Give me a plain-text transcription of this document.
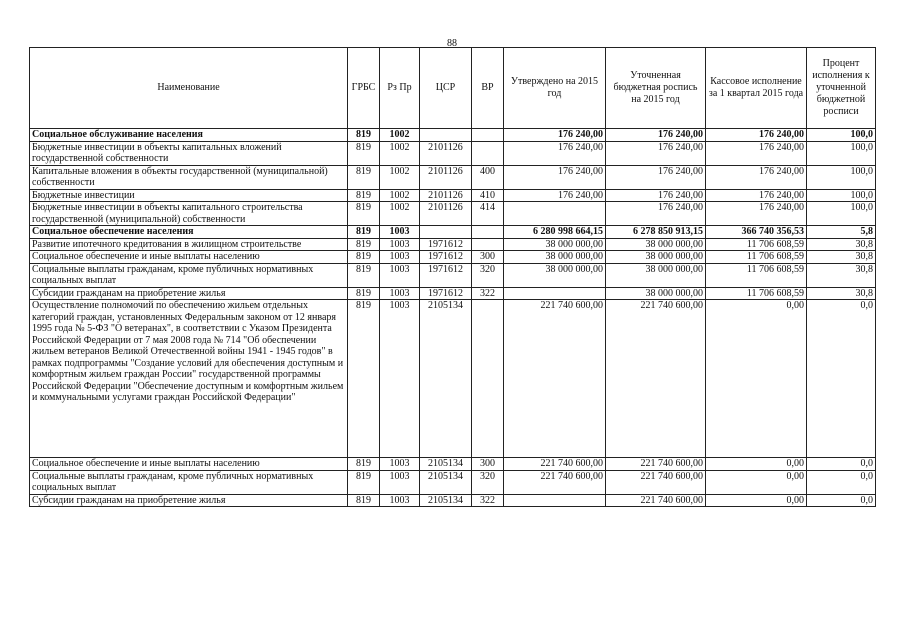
88
Наименование	ГРБС	Рз Пр	ЦСР	ВР	Утверждено на 2015 год	Уточненная бюджетная роспись на 2015 год	Кассовое исполнение за 1 квартал 2015 года	Процент исполнения к уточненной бюджетной росписи
Социальное обслуживание населения	819	1002			176 240,00	176 240,00	176 240,00	100,0
Бюджетные инвестиции в объекты капитальных вложений государственной собственности	819	1002	2101126		176 240,00	176 240,00	176 240,00	100,0
Капитальные вложения в объекты государственной (муниципальной) собственности	819	1002	2101126	400	176 240,00	176 240,00	176 240,00	100,0
Бюджетные инвестиции	819	1002	2101126	410	176 240,00	176 240,00	176 240,00	100,0
Бюджетные инвестиции в объекты капитального строительства государственной (муниципальной) собственности	819	1002	2101126	414		176 240,00	176 240,00	100,0
Социальное обеспечение населения	819	1003			6 280 998 664,15	6 278 850 913,15	366 740 356,53	5,8
Развитие ипотечного кредитования в жилищном строительстве	819	1003	1971612		38 000 000,00	38 000 000,00	11 706 608,59	30,8
Социальное обеспечение и иные выплаты населению	819	1003	1971612	300	38 000 000,00	38 000 000,00	11 706 608,59	30,8
Социальные выплаты гражданам, кроме публичных нормативных социальных выплат	819	1003	1971612	320	38 000 000,00	38 000 000,00	11 706 608,59	30,8
Субсидии гражданам на приобретение жилья	819	1003	1971612	322		38 000 000,00	11 706 608,59	30,8
Осуществление полномочий по обеспечению жильем отдельных категорий граждан, установленных Федеральным законом от 12 января 1995 года № 5-ФЗ "О ветеранах", в соответствии с Указом Президента Российской Федерации от 7 мая 2008 года № 714 "Об обеспечении жильем ветеранов Великой Отечественной войны 1941 - 1945 годов" в рамках подпрограммы "Создание условий для обеспечения доступным и комфортным жильем граждан России" государственной программы Российской Федерации "Обеспечение доступным и комфортным жильем и коммунальными услугами граждан Российской Федерации"	819	1003	2105134		221 740 600,00	221 740 600,00	0,00	0,0
Социальное обеспечение и иные выплаты населению	819	1003	2105134	300	221 740 600,00	221 740 600,00	0,00	0,0
Социальные выплаты гражданам, кроме публичных нормативных социальных выплат	819	1003	2105134	320	221 740 600,00	221 740 600,00	0,00	0,0
Субсидии гражданам на приобретение жилья	819	1003	2105134	322		221 740 600,00	0,00	0,0
